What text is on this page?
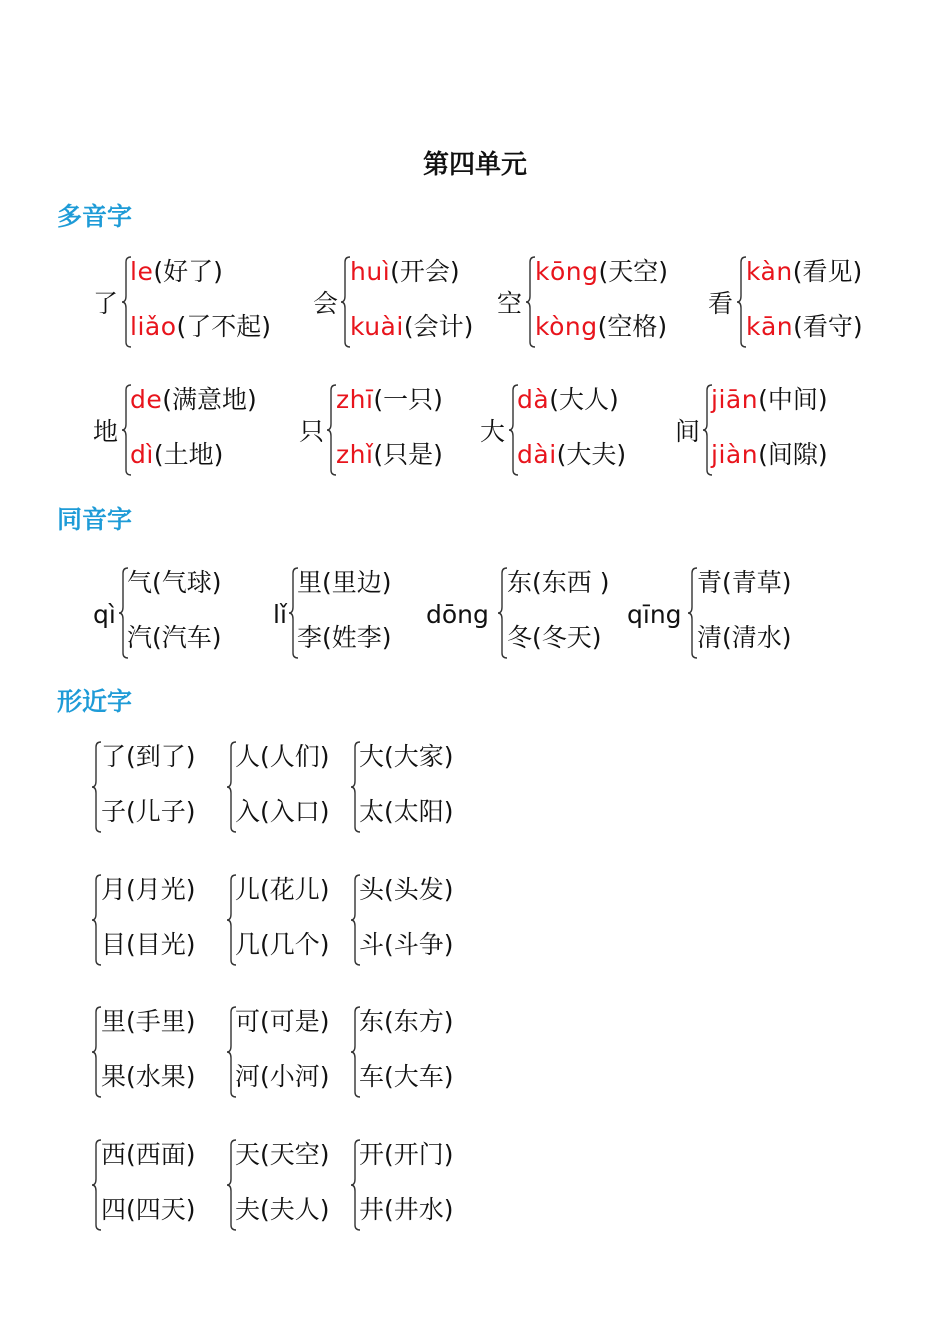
第四单元
多音字
了
le(好了)
liǎo(了不起)
会
huì(开会)
kuài(会计)
空
kōng(天空)
kòng(空格)
看
kàn(看见)
kān(看守)
地
de(满意地)
dì(土地)
只
zhī(一只)
zhǐ(只是)
大
dà(大人)
dài(大夫)
间
jiān(中间)
jiàn(间隙)
同音字
qì
气(气球)
汽(汽车)
lǐ
里(里边)
李(姓李)
dōng
东(东西 )
冬(冬天)
qīng
青(青草)
清(清水)
形近字
了(到了)
子(儿子)
人(人们)
入(入口)
大(大家)
太(太阳)
月(月光)
目(目光)
儿(花儿)
几(几个)
头(头发)
斗(斗争)
里(手里)
果(水果)
可(可是)
河(小河)
东(东方)
车(大车)
西(西面)
四(四天)
天(天空)
夫(夫人)
开(开门)
井(井水)
